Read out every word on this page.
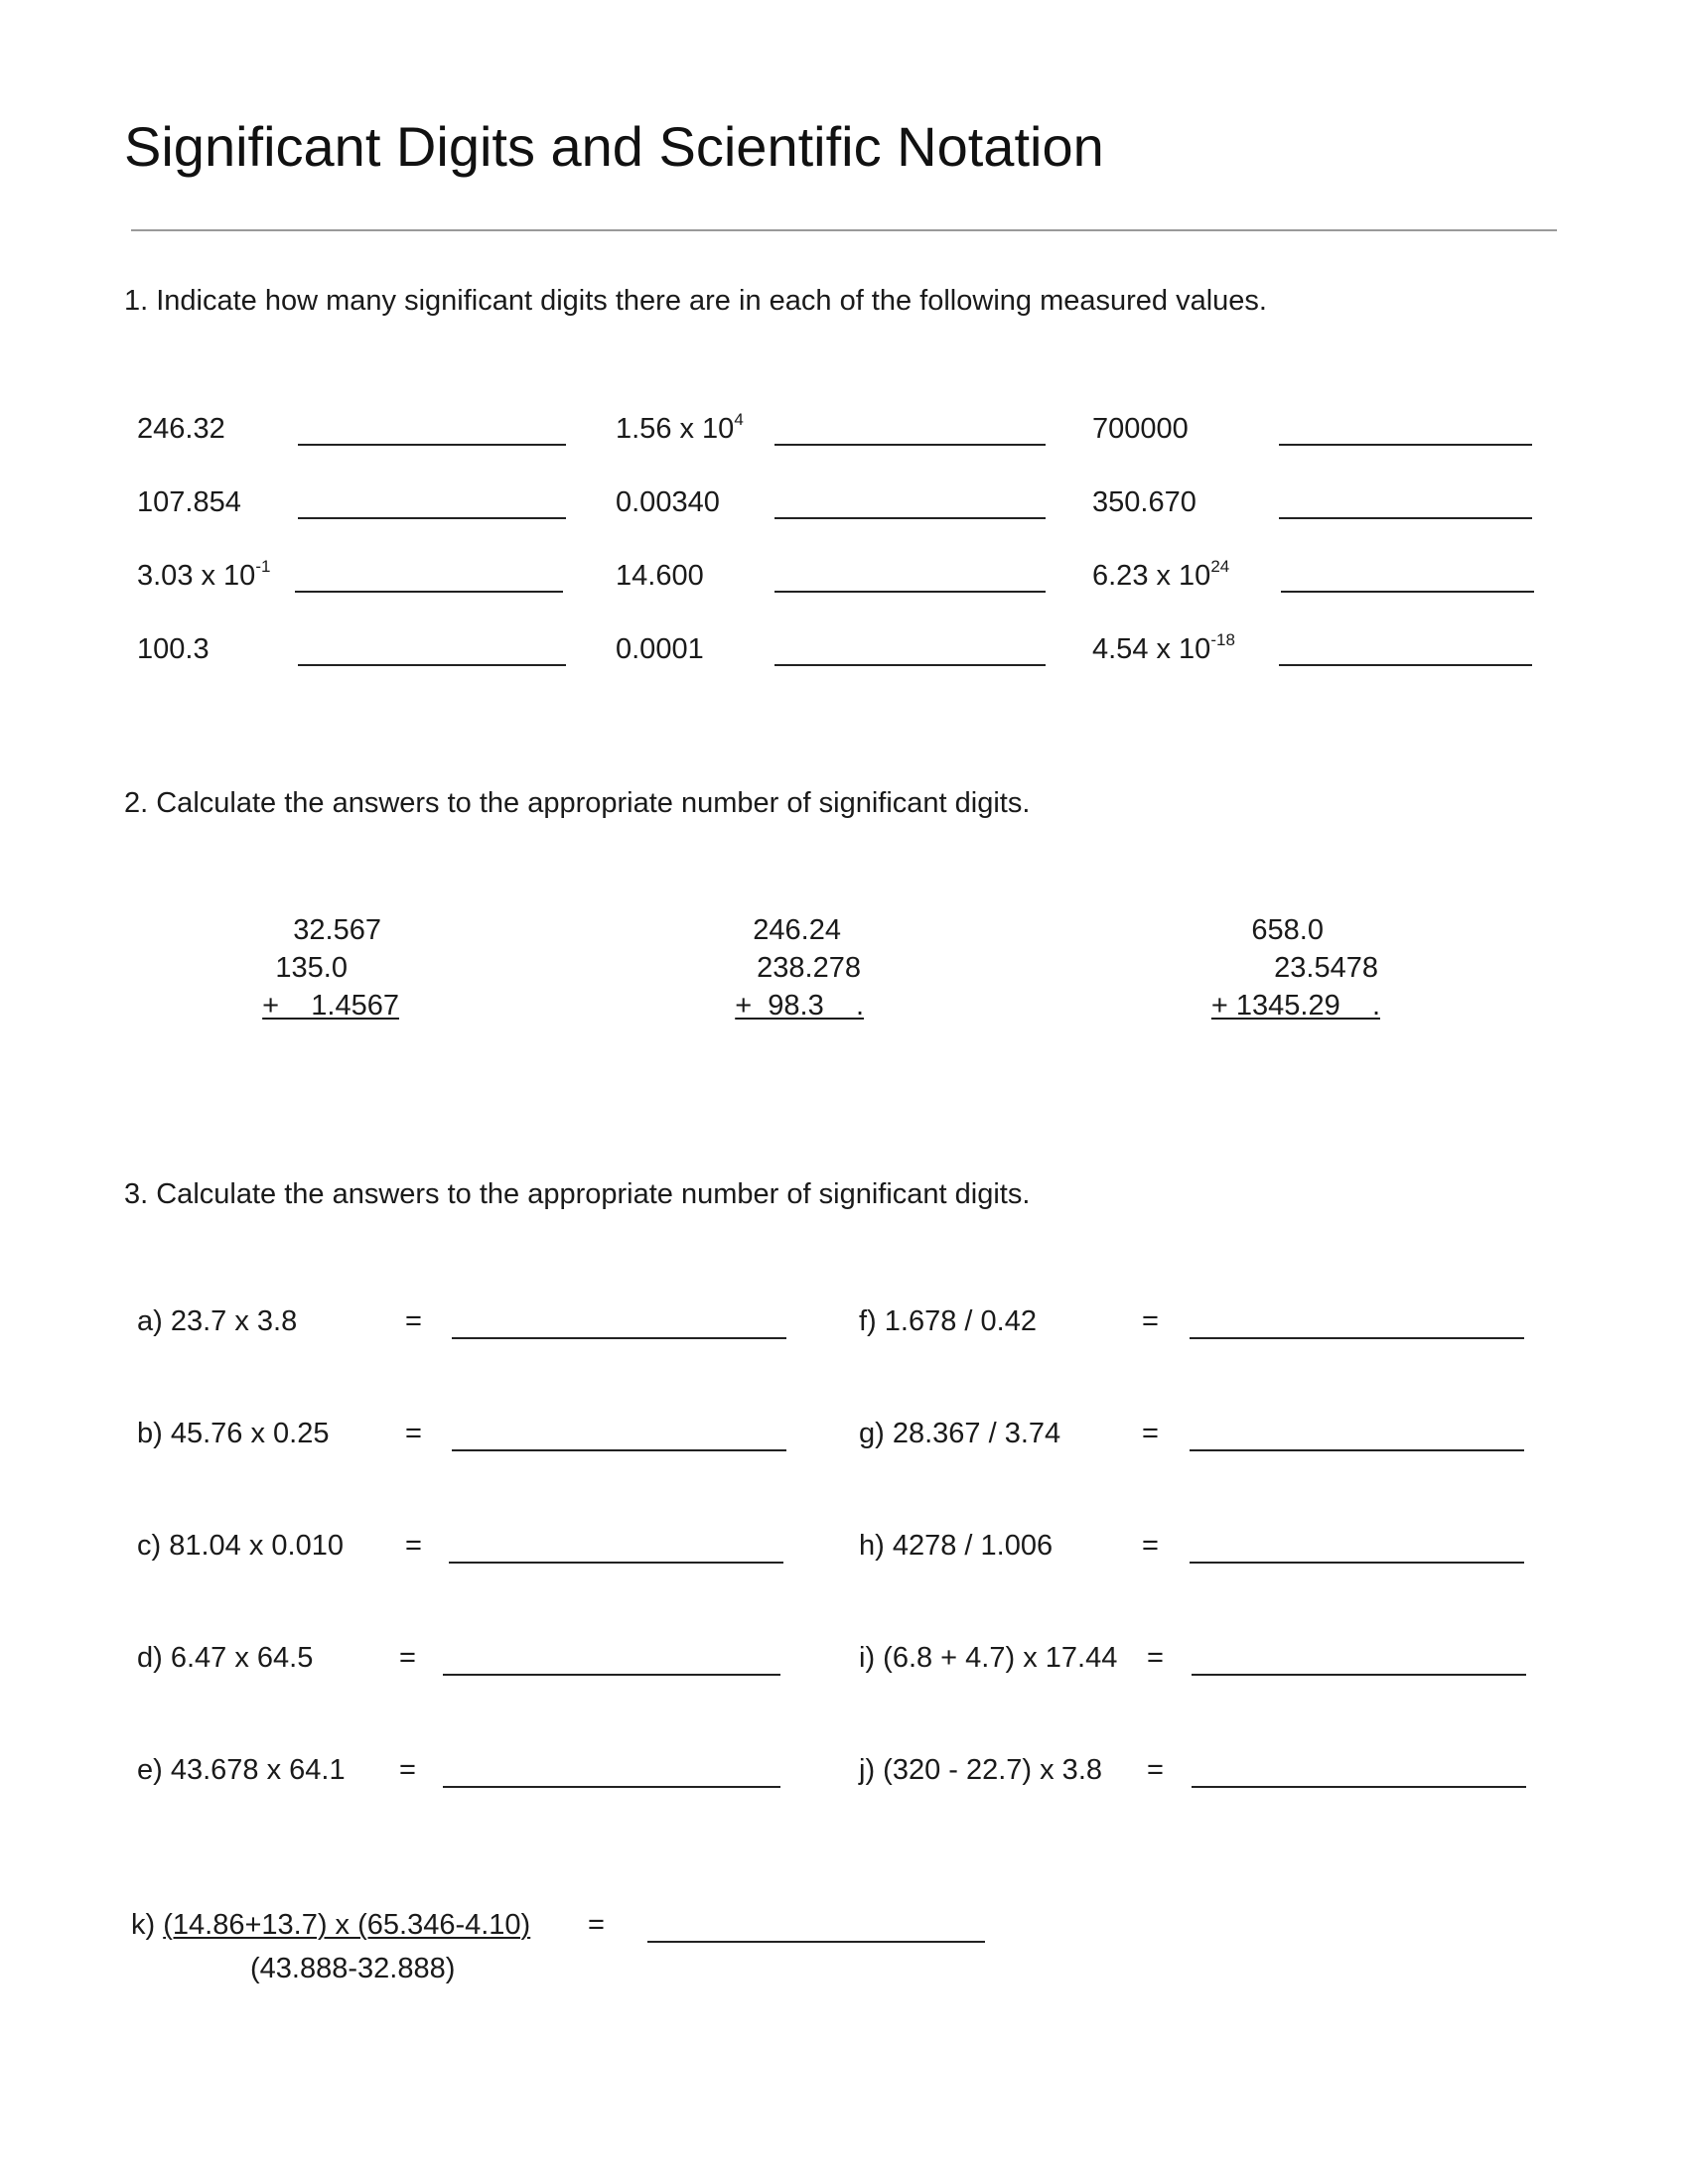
Significant Digits and Scientific Notation
1. Indicate how many significant digits there are in each of the following measured values.
246.32	1.56 x $10^4$	700000
107.854	0.00340	350.670
3.03 x $10^{-1}$	14.600	6.23 x $10^{24}$
100.3	0.0001	4.54 x $10^{-18}$
2. Calculate the answers to the appropriate number of significant digits.
32.567
135.0
+    1.4567
246.24
238.278
+  98.3    .
658.0
23.5478
+ 1345.29    .
3. Calculate the answers to the appropriate number of significant digits.
a) 23.7 x 3.8	=	f) 1.678 / 0.42	=
b) 45.76 x 0.25	=	g) 28.367 / 3.74	=
c) 81.04 x 0.010 =	h) 4278 / 1.006	=
d) 6.47 x 64.5	=	i) (6.8 + 4.7) x 17.44 =
e) 43.678 x 64.1 =	j) (320 - 22.7) x 3.8 =
k) (14.86+13.7) x (65.346-4.10)
(43.888-32.888)
=
